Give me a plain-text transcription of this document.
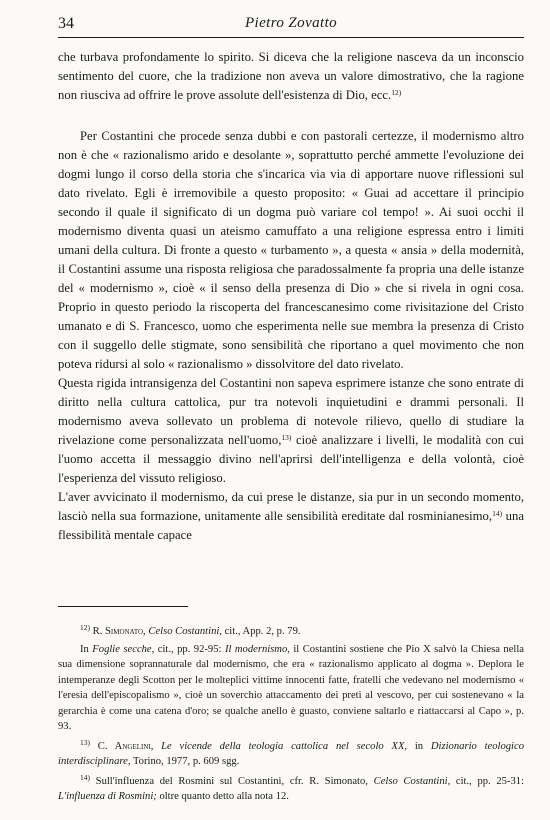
34	Pietro Zovatto

che turbava profondamente lo spirito. Si diceva che la religione nasceva da un inconscio sentimento del cuore, che la tradizione non aveva un valore dimostrativo, che la ragione non riusciva ad offrire le prove assolute dell'esistenza di Dio, ecc.$^{12)}$

Per Costantini che procede senza dubbi e con pastorali certezze, il modernismo altro non è che « razionalismo arido e desolante », soprattutto perché ammette l'evoluzione dei dogmi lungo il corso della storia che s'incarica via via di apportare nuove riflessioni sul dato rivelato. Egli è irremovibile a questo proposito: « Guai ad accettare il principio secondo il quale il significato di un dogma può variare col tempo! ». Ai suoi occhi il modernismo diventa quasi un ateismo camuffato a una religione espressa entro i limiti umani della cultura. Di fronte a questo « turbamento », a questa « ansia » della modernità, il Costantini assume una risposta religiosa che paradossalmente fa propria una delle istanze del « modernismo », cioè « il senso della presenza di Dio » che si rivela in ogni cosa. Proprio in questo periodo la riscoperta del francescanesimo come rivisitazione del Cristo umanato e di S. Francesco, uomo che esperimenta nelle sue membra la presenza di Cristo con il suggello delle stigmate, sono sensibilità che riportano a quel movimento che non poteva ridursi al solo « razionalismo » dissolvitore del dato rivelato.

Questa rigida intransigenza del Costantini non sapeva esprimere istanze che sono entrate di diritto nella cultura cattolica, pur tra notevoli inquietudini e drammi personali. Il modernismo aveva sollevato un problema di notevole rilievo, quello di studiare la rivelazione come personalizzata nell'uomo,$^{13)}$ cioè analizzare i livelli, le modalità con cui l'uomo accetta il messaggio divino nell'aprirsi dell'intelligenza e della volontà, cioè l'esperienza del vissuto religioso.

L'aver avvicinato il modernismo, da cui prese le distanze, sia pur in un secondo momento, lasciò nella sua formazione, unitamente alle sensibilità ereditate dal rosminianesimo,$^{14)}$ una flessibilità mentale capace

$^{12)}$ R. Simonato, Celso Costantini, cit., App. 2, p. 79.

In Foglie secche, cit., pp. 92-95: Il modernismo, il Costantini sostiene che Pio X salvò la Chiesa nella sua dimensione soprannaturale dal modernismo, che era « razionalismo applicato al dogma ». Deplora le intemperanze degli Scotton per le molteplici vittime innocenti fatte, fratelli che vedevano nel modernismo « l'eresia dell'episcopalismo », cioè un soverchio attaccamento dei preti al vescovo, per cui sostenevano « la gerarchia è come una catena d'oro; se qualche anello è guasto, conviene saltarlo e riattaccarsi al Capo », p. 93.

$^{13)}$ C. Angelini, Le vicende della teologia cattolica nel secolo XX, in Dizionario teologico interdisciplinare, Torino, 1977, p. 609 sgg.

$^{14)}$ Sull'influenza del Rosmini sul Costantini, cfr. R. Simonato, Celso Costantini, cit., pp. 25-31: L'influenza di Rosmini; oltre quanto detto alla nota 12.
